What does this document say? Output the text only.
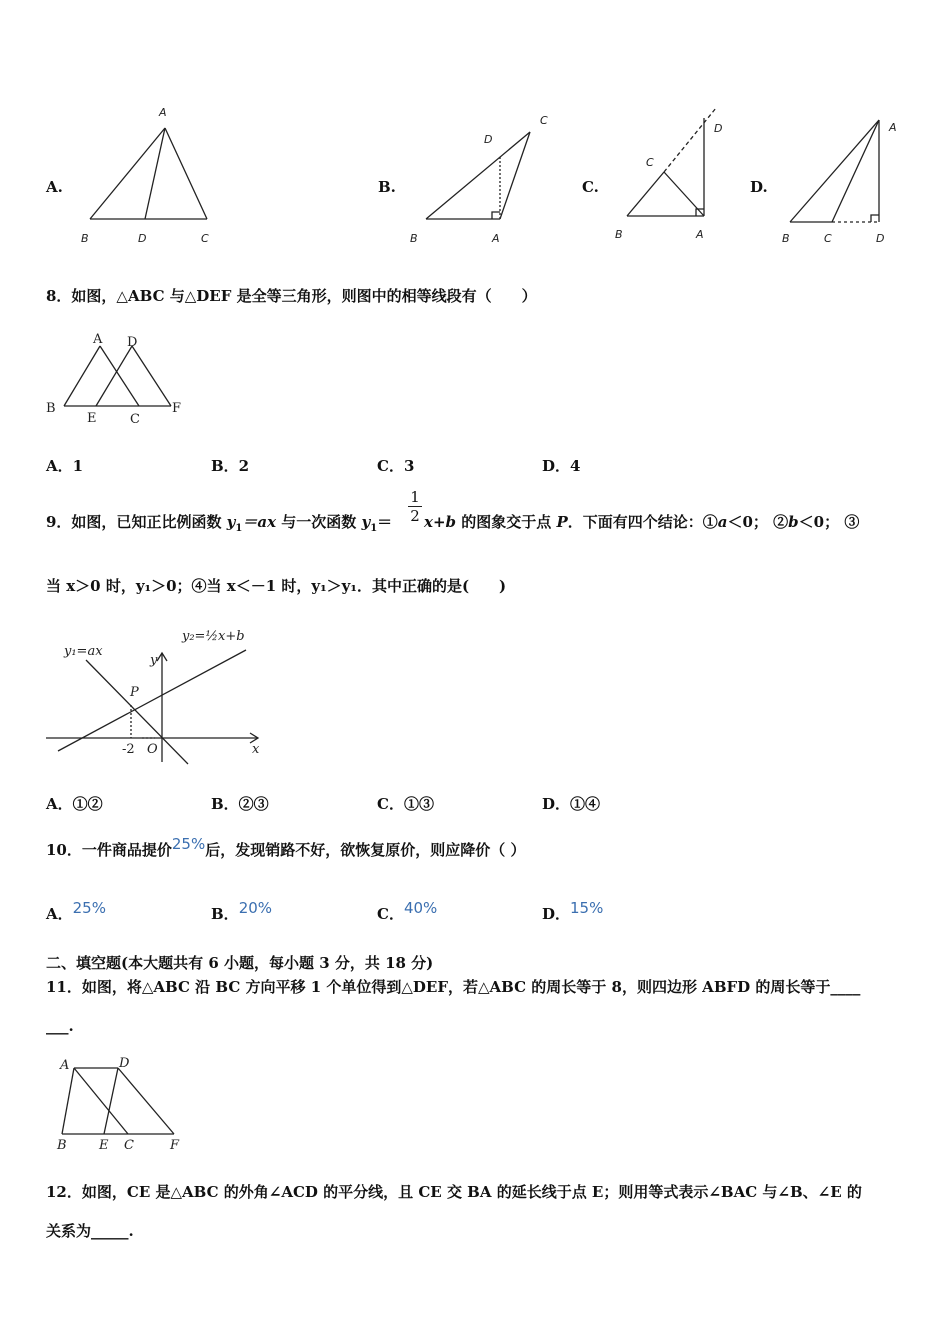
A.
A
B	D	C
B.
C
D
B	A
C.
D
C
B	A
D.
A
B	C	D
8．如图，△ABC 与△DEF 是全等三角形，则图中的相等线段有（　　）
A D
B
E	C
F
A．1	B．2	C．3	D．4
9．如图，已知正比例函数 $y_1=ax$ 与一次函数 $y_1=$
1
2 x+b 的图象交于点 P．下面有四个结论：①a＜0； ②b＜0； ③
当 x＞0 时，y₁＞0；④当 x＜－1 时，y₁＞y₁．其中正确的是(　　)
y₁=ax
y₂=½x+b
y
x
P
-2 O
A．①②	B．②③	C．①③	D．①④
10．一件商品提价25%后，发现销路不好，欲恢复原价，则应降价（ ）
A．25%	B．20%	C．40%	D．15%
二、填空题(本大题共有 6 小题，每小题 3 分，共 18 分)
11．如图，将△ABC 沿 BC 方向平移 1 个单位得到△DEF，若△ABC 的周长等于 8，则四边形 ABFD 的周长等于____
___.
A	D
B E C	F
12．如图，CE 是△ABC 的外角∠ACD 的平分线，且 CE 交 BA 的延长线于点 E；则用等式表示∠BAC 与∠B、∠E 的
关系为_____.
